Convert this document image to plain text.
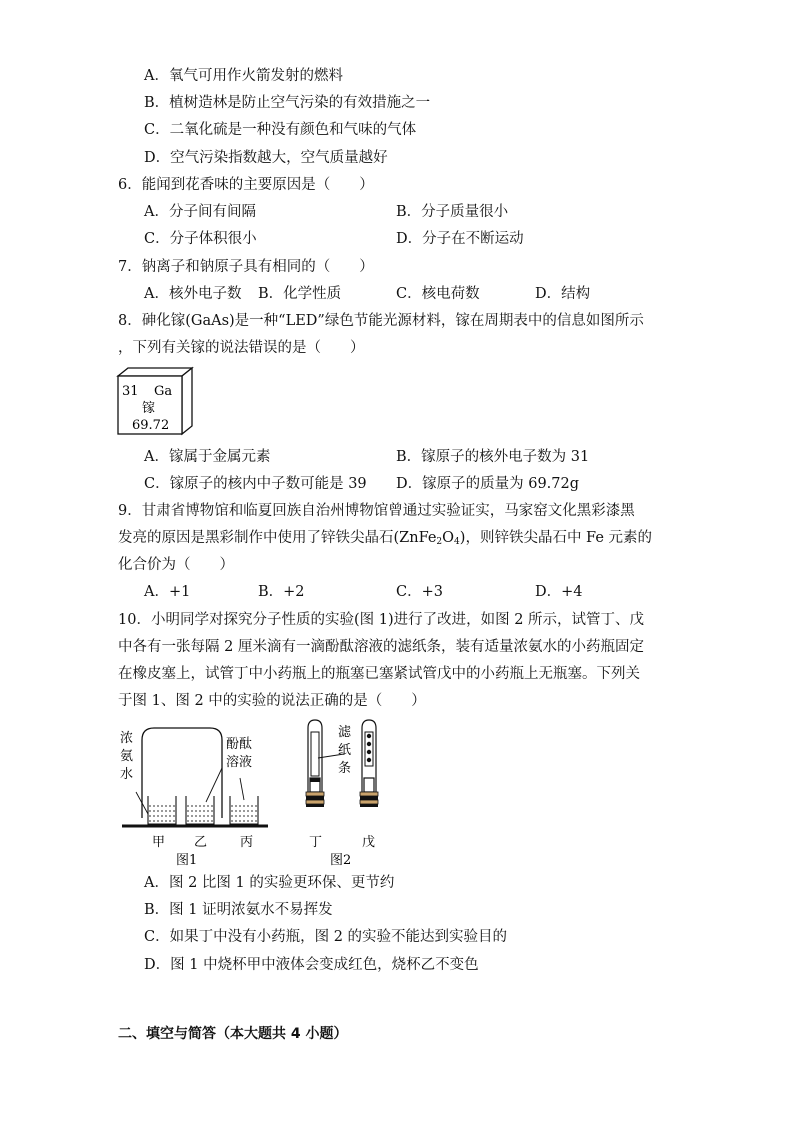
A．氧气可用作火箭发射的燃料
B．植树造林是防止空气污染的有效措施之一
C．二氧化硫是一种没有颜色和气味的气体
D．空气污染指数越大，空气质量越好
6．能闻到花香味的主要原因是（　　）
A．分子间有间隔	B．分子质量很小
C．分子体积很小	D．分子在不断运动
7．钠离子和钠原子具有相同的（　　）
A．核外电子数 B．化学性质	C．核电荷数	D．结构
8．砷化镓(GaAs)是一种“LED”绿色节能光源材料，镓在周期表中的信息如图所示
，下列有关镓的说法错误的是（　　）
31 Ga
镓
69.72
A．镓属于金属元素	B．镓原子的核外电子数为 31
C．镓原子的核内中子数可能是 39 D．镓原子的质量为 69.72g
9．甘肃省博物馆和临夏回族自治州博物馆曾通过实验证实，马家窑文化黑彩漆黑
发亮的原因是黑彩制作中使用了锌铁尖晶石$(ZnFe_2O_4)$，则锌铁尖晶石中 Fe 元素的
化合价为（　　）
A．+1	B．+2	C．+3	D．+4
10．小明同学对探究分子性质的实验(图 1)进行了改进，如图 2 所示，试管丁、戊
中各有一张每隔 2 厘米滴有一滴酚酞溶液的滤纸条，装有适量浓氨水的小药瓶固定
在橡皮塞上，试管丁中小药瓶上的瓶塞已塞紧试管戊中的小药瓶上无瓶塞。下列关
于图 1、图 2 中的实验的说法正确的是（　　）
浓
氨
水
酚酞
溶液
甲 乙	丙
图1
滤
纸
条
丁	戊
图2
A．图 2 比图 1 的实验更环保、更节约
B．图 1 证明浓氨水不易挥发
C．如果丁中没有小药瓶，图 2 的实验不能达到实验目的
D．图 1 中烧杯甲中液体会变成红色，烧杯乙不变色
二、填空与简答（本大题共 4 小题）
